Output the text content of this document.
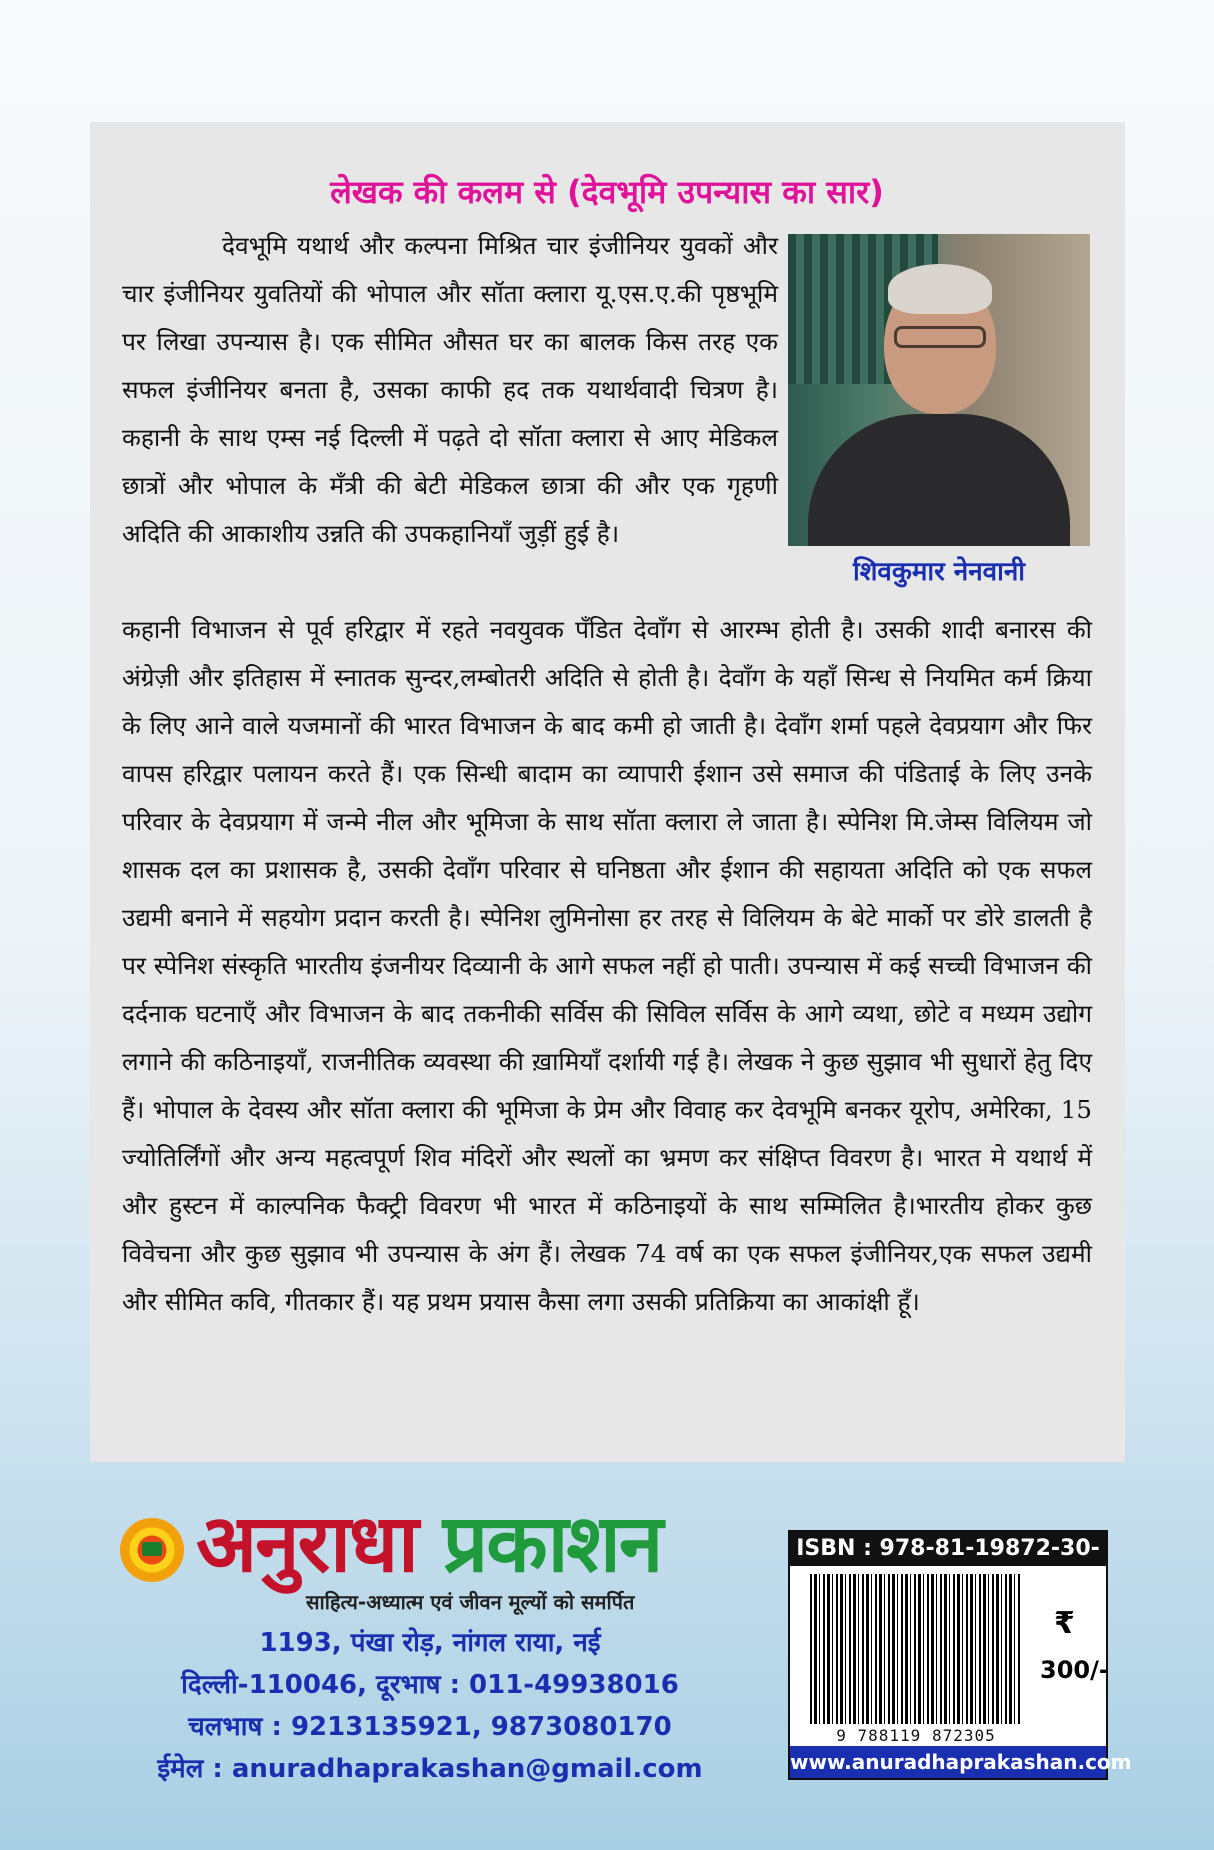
लेखक की कलम से (देवभूमि उपन्यास का सार)

देवभूमि यथार्थ और कल्पना मिश्रित चार इंजीनियर युवकों और चार इंजीनियर युवतियों की भोपाल और सॉता क्लारा यू.एस.ए.की पृष्ठभूमि पर लिखा उपन्यास है। एक सीमित औसत घर का बालक किस तरह एक सफल इंजीनियर बनता है, उसका काफी हद तक यथार्थवादी चित्रण है। कहानी के साथ एम्स नई दिल्ली में पढ़ते दो सॉता क्लारा से आए मेडिकल छात्रों और भोपाल के मँत्री की बेटी मेडिकल छात्रा की और एक गृहणी अदिति की आकाशीय उन्नति की उपकहानियाँ जुड़ीं हुई है।

शिवकुमार नेनवानी

कहानी विभाजन से पूर्व हरिद्वार में रहते नवयुवक पँडित देवाँग से आरम्भ होती है। उसकी शादी बनारस की अंग्रेज़ी और इतिहास में स्नातक सुन्दर,लम्बोतरी अदिति से होती है। देवाँग के यहाँ सिन्ध से नियमित कर्म क्रिया के लिए आने वाले यजमानों की भारत विभाजन के बाद कमी हो जाती है। देवाँग शर्मा पहले देवप्रयाग और फिर वापस हरिद्वार पलायन करते हैं। एक सिन्धी बादाम का व्यापारी ईशान उसे समाज की पंडिताई के लिए उनके परिवार के देवप्रयाग में जन्मे नील और भूमिजा के साथ सॉता क्लारा ले जाता है। स्पेनिश मि.जेम्स विलियम जो शासक दल का प्रशासक है, उसकी देवाँग परिवार से घनिष्ठता और ईशान की सहायता अदिति को एक सफल उद्यमी बनाने में सहयोग प्रदान करती है। स्पेनिश लुमिनोसा हर तरह से विलियम के बेटे मार्को पर डोरे डालती है पर स्पेनिश संस्कृति भारतीय इंजनीयर दिव्यानी के आगे सफल नहीं हो पाती। उपन्यास में कई सच्ची विभाजन की दर्दनाक घटनाएँ और विभाजन के बाद तकनीकी सर्विस की सिविल सर्विस के आगे व्यथा, छोटे व मध्यम उद्योग लगाने की कठिनाइयाँ, राजनीतिक व्यवस्था की ख़ामियाँ दर्शायी गई है। लेखक ने कुछ सुझाव भी सुधारों हेतु दिए हैं। भोपाल के देवस्य और सॉता क्लारा की भूमिजा के प्रेम और विवाह कर देवभूमि बनकर यूरोप, अमेरिका, 15 ज्योतिर्लिंगों और अन्य महत्वपूर्ण शिव मंदिरों और स्थलों का भ्रमण कर संक्षिप्त विवरण है। भारत मे यथार्थ में और हुस्टन में काल्पनिक फैक्ट्री विवरण भी भारत में कठिनाइयों के साथ सम्मिलित है।भारतीय होकर कुछ विवेचना और कुछ सुझाव भी उपन्यास के अंग हैं। लेखक 74 वर्ष का एक सफल इंजीनियर,एक सफल उद्यमी और सीमित कवि, गीतकार हैं। यह प्रथम प्रयास कैसा लगा उसकी प्रतिक्रिया का आकांक्षी हूँ।

अनुराधा प्रकाशन
साहित्य-अध्यात्म एवं जीवन मूल्यों को समर्पित
1193, पंखा रोड़, नांगल राया, नई
दिल्ली-110046, दूरभाष : 011-49938016
चलभाष : 9213135921, 9873080170
ईमेल : anuradhaprakashan@gmail.com
ISBN : 978-81-19872-30-
9 788119 872305
₹
300/-
www.anuradhaprakashan.com
